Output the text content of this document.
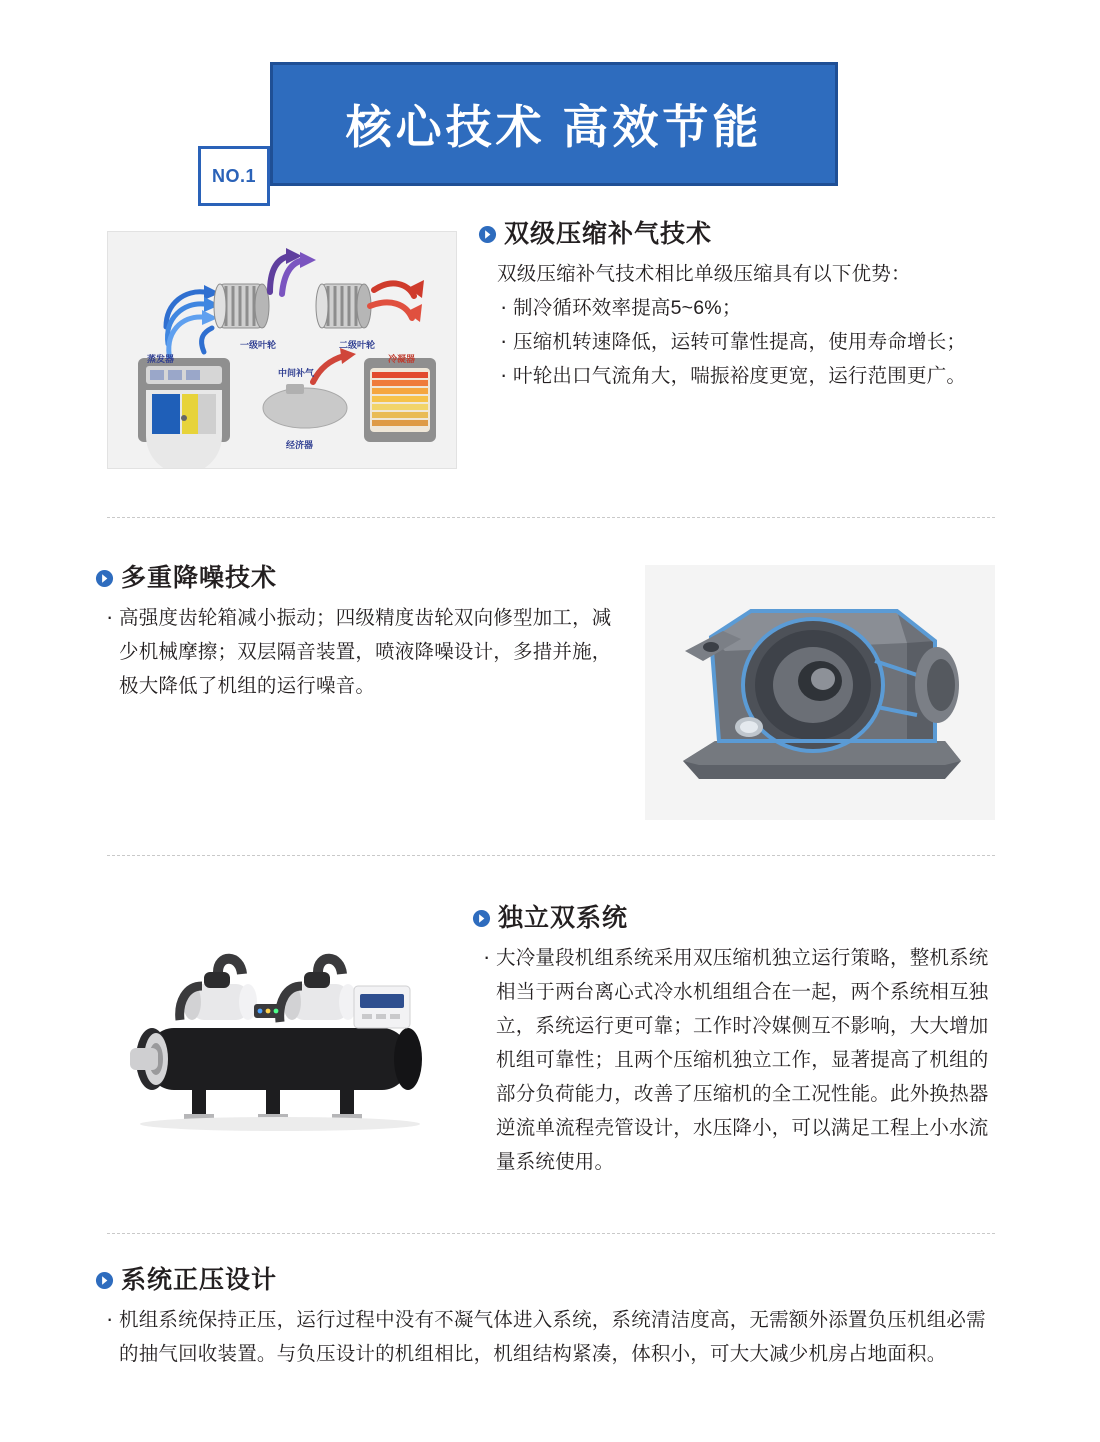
NO.1
核心技术 高效节能
一级叶轮	二级叶轮
蒸发器
中间补气
冷凝器
经济器
双级压缩补气技术

双级压缩补气技术相比单级压缩具有以下优势：

· 制冷循环效率提高5~6%；

· 压缩机转速降低，运转可靠性提高，使用寿命增长；

· 叶轮出口气流角大，喘振裕度更宽，运行范围更广。

多重降噪技术

· 高强度齿轮箱减小振动；四级精度齿轮双向修型加工，减少机械摩擦；双层隔音装置，喷液降噪设计，多措并施，极大降低了机组的运行噪音。

独立双系统

· 大冷量段机组系统采用双压缩机独立运行策略，整机系统相当于两台离心式冷水机组组合在一起，两个系统相互独立，系统运行更可靠；工作时冷媒侧互不影响，大大增加机组可靠性；且两个压缩机独立工作，显著提高了机组的部分负荷能力，改善了压缩机的全工况性能。此外换热器逆流单流程壳管设计，水压降小，可以满足工程上小水流量系统使用。

系统正压设计

· 机组系统保持正压，运行过程中没有不凝气体进入系统，系统清洁度高，无需额外添置负压机组必需的抽气回收装置。与负压设计的机组相比，机组结构紧凑，体积小，可大大减少机房占地面积。
